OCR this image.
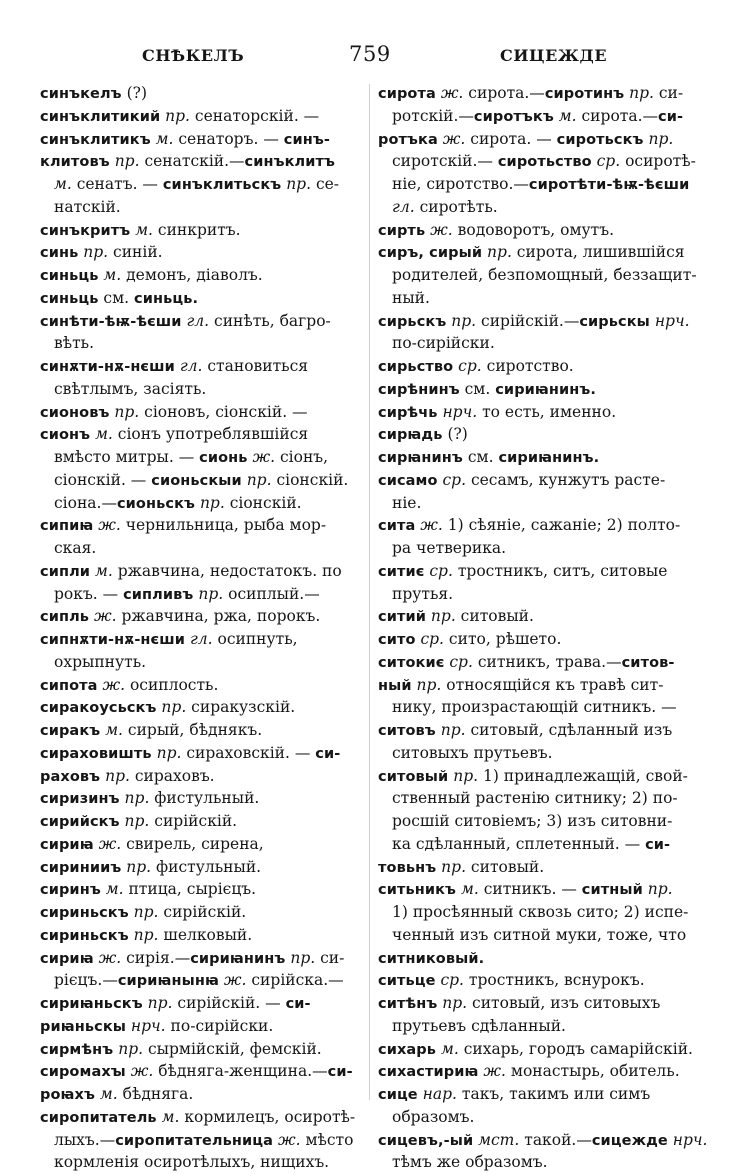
СНѢКЕЛЪ	759	СИЦЕЖДЕ
синъкелъ (?)
синъклитикий пр. сенаторскій. —
синъклитикъ м. сенаторъ. — синъ-
клитовъ пр. сенатскій.—синъклитъ
м. сенатъ. — синъклитьскъ пр. се-
натскій.
синъкритъ м. синкритъ.
синь пр. синій.
синьць м. демонъ, діаволъ.
синьць см. синьць.
синѣти-ѣѭ-ѣєши гл. синѣть, багро-
вѣть.
синѫти-нѫ-нєши гл. становиться
свѣтлымъ, засіять.
сионовъ пр. сіоновъ, сіонскій. —
сионъ м. сіонъ употреблявшійся
вмѣсто митры. — сионь ж. сіонъ,
сіонскій. — сионьскыи пр. сіонскій.
сіона.—сионьскъ пр. сіонскій.
сипиꙗ ж. чернильница, рыба мор-
ская.
сипли м. ржавчина, недостатокъ. по
рокъ. — сипливъ пр. осиплый.—
сипль ж. ржавчина, ржа, порокъ.
сипнѫти-нѫ-нєши гл. осипнуть,
охрыпнуть.
сипота ж. осиплость.
сиракоусьскъ пр. сиракузскій.
сиракъ м. сирый, бѣднякъ.
сираховишть пр. сираховскій. — си-
раховъ пр. сираховъ.
сиризинъ пр. фистульный.
сирийскъ пр. сирійскій.
сириꙗ ж. свирель, сирена,
сиринииъ пр. фистульный.
сиринъ м. птица, сырієцъ.
сириньскъ пр. сирійскій.
сириньскъ пр. шелковый.
сириꙗ ж. сирія.—сириꙗнинъ пр. си-
рієцъ.—сириꙗнынꙗ ж. сирійска.—
сириꙗньскъ пр. сирійскій. — си-
риꙗньскы нрч. по-сирійски.
сирмѣнъ пр. сырмійскій, фемскій.
сиромахꙑ ж. бѣдняга-женщина.—си-
роꙗхъ м. бѣдняга.
сиропитатель м. кормилецъ, осиротѣ-
лыхъ.—сиропитательница ж. мѣсто
кормленія осиротѣлыхъ, нищихъ.
сирота ж. сирота.—сиротинъ пр. си-
ротскій.—сиротъкъ м. сирота.—си-
ротъка ж. сирота. — сиротьскъ пр.
сиротскій.— сиротьство ср. осиротѣ-
ніе, сиротство.—сиротѣти-ѣѭ-ѣєши
гл. сиротѣть.
сирть ж. водоворотъ, омутъ.
сиръ, сирый пр. сирота, лишившійся
родителей, безпомощный, беззащит-
ный.
сирьскъ пр. сирійскій.—сирьскы нрч.
по-сирійски.
сирьство ср. сиротство.
сирѣнинъ см. сириꙗнинъ.
сирѣчь нрч. то есть, именно.
сирꙗдь (?)
сирꙗнинъ см. сириꙗнинъ.
сисамо ср. сесамъ, кунжутъ расте-
ніе.
сита ж. 1) сѣяніе, сажаніе; 2) полто-
ра четверика.
ситиє ср. тростникъ, ситъ, ситовые
прутья.
ситий пр. ситовый.
сито ср. сито, рѣшето.
ситокиє ср. ситникъ, трава.—ситов-
ный пр. относящійся къ травѣ сит-
нику, произрастающій ситникъ. —
ситовъ пр. ситовый, сдѣланный изъ
ситовыхъ прутьевъ.
ситовый пр. 1) принадлежащій, свой-
ственный растенію ситнику; 2) по-
росшій ситовіемъ; 3) изъ ситовни-
ка сдѣланный, сплетенный. — си-
товьнъ пр. ситовый.
ситьникъ м. ситникъ. — ситный пр.
1) просѣянный сквозь сито; 2) испе-
ченный изъ ситной муки, тоже, что
ситниковый.
ситьце ср. тростникъ, вснурокъ.
ситѣнъ пр. ситовый, изъ ситовыхъ
прутьевъ сдѣланный.
сихарь м. сихарь, городъ самарійскій.
сихастириꙗ ж. монастырь, обитель.
сице нар. такъ, такимъ или симъ
образомъ.
сицевъ,-ый мст. такой.—сицежде нрч.
тѣмъ же образомъ.
